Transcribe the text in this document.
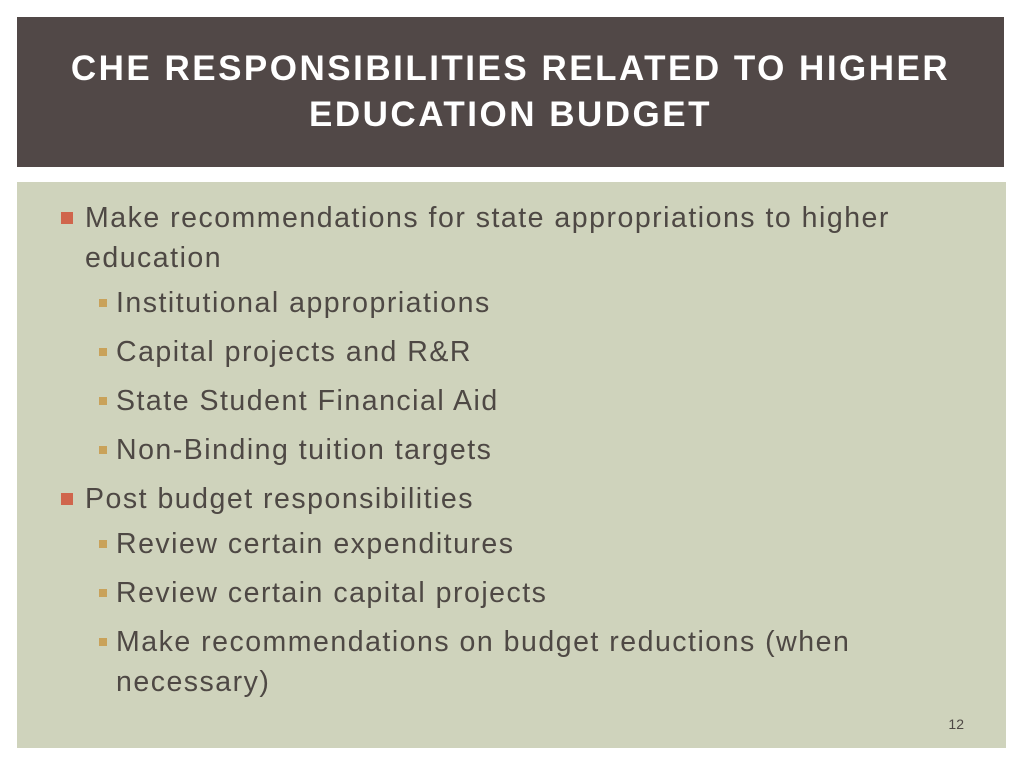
CHE RESPONSIBILITIES RELATED TO HIGHER EDUCATION BUDGET
Make recommendations for state appropriations to higher education
Institutional appropriations
Capital projects and R&R
State Student Financial Aid
Non-Binding tuition targets
Post budget responsibilities
Review certain expenditures
Review certain capital projects
Make recommendations on budget reductions (when necessary)
12
